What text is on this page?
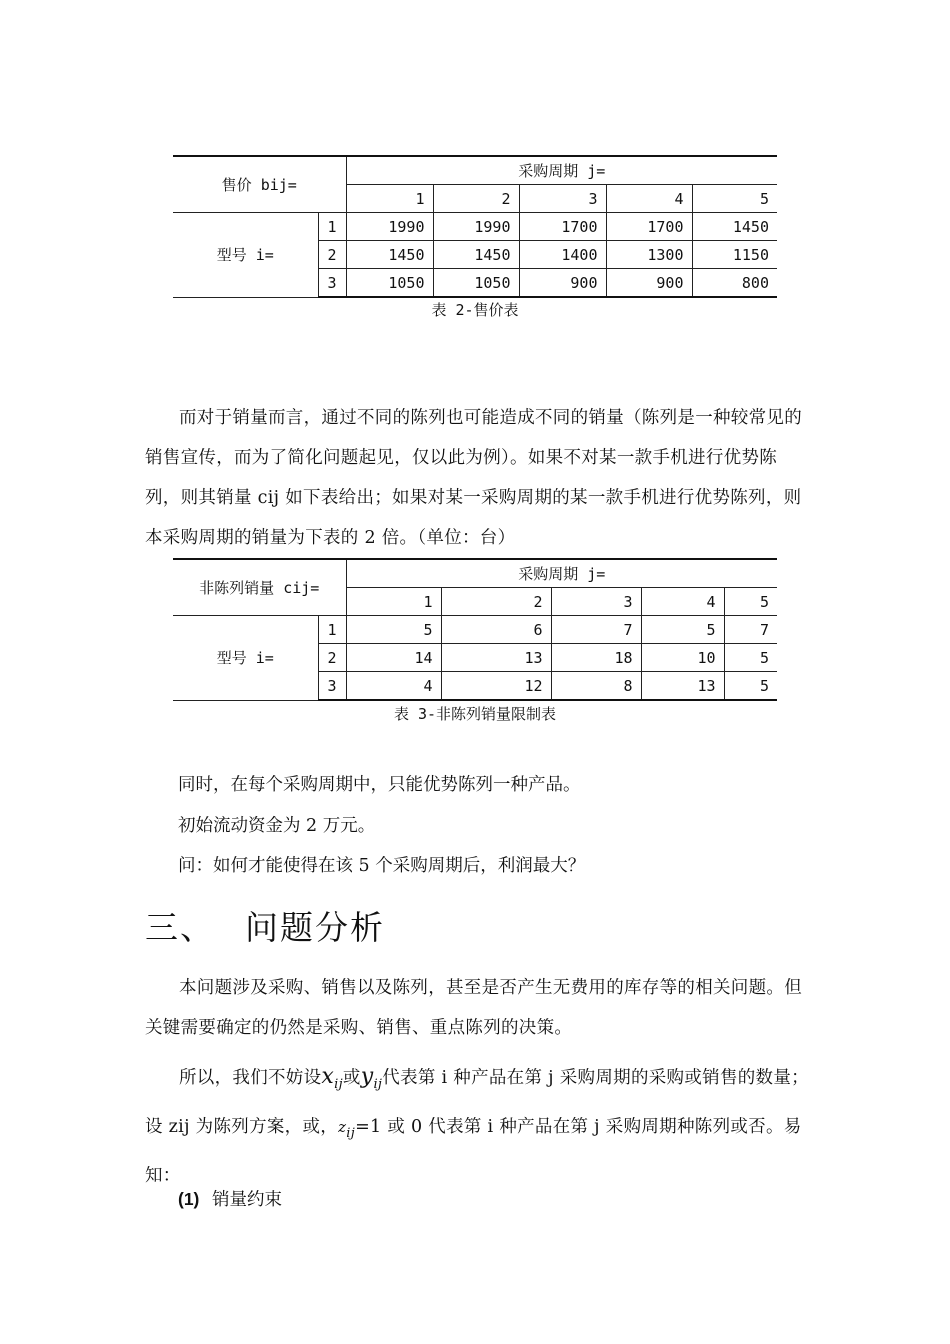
售价 bij=		采购周期 j=				
		1	2	3	4	5
型号 i=	1	1990	1990	1700	1700	1450
	2	1450	1450	1400	1300	1150
	3	1050	1050	900	900	800
表 2-售价表
而对于销量而言，通过不同的陈列也可能造成不同的销量（陈列是一种较常见的销售宣传，而为了简化问题起见，仅以此为例）。如果不对某一款手机进行优势陈列，则其销量 cij 如下表给出；如果对某一采购周期的某一款手机进行优势陈列，则本采购周期的销量为下表的 2 倍。（单位：台）
非陈列销量 cij=		采购周期 j=				
		1	2	3	4	5
型号 i=	1	5	6	7	5	7
	2	14	13	18	10	5
	3	4	12	8	13	5
表 3-非陈列销量限制表
同时，在每个采购周期中，只能优势陈列一种产品。
初始流动资金为 2 万元。
问：如何才能使得在该 5 个采购周期后，利润最大？
三、 问题分析
本问题涉及采购、销售以及陈列，甚至是否产生无费用的库存等的相关问题。但关键需要确定的仍然是采购、销售、重点陈列的决策。
所以，我们不妨设$x_{ij}$或$y_{ij}$代表第 i 种产品在第 j 采购周期的采购或销售的数量；设 zij 为陈列方案，或，$z_{ij}=1$ 或 0 代表第 i 种产品在第 j 采购周期种陈列或否。易知：
(1) 销量约束
